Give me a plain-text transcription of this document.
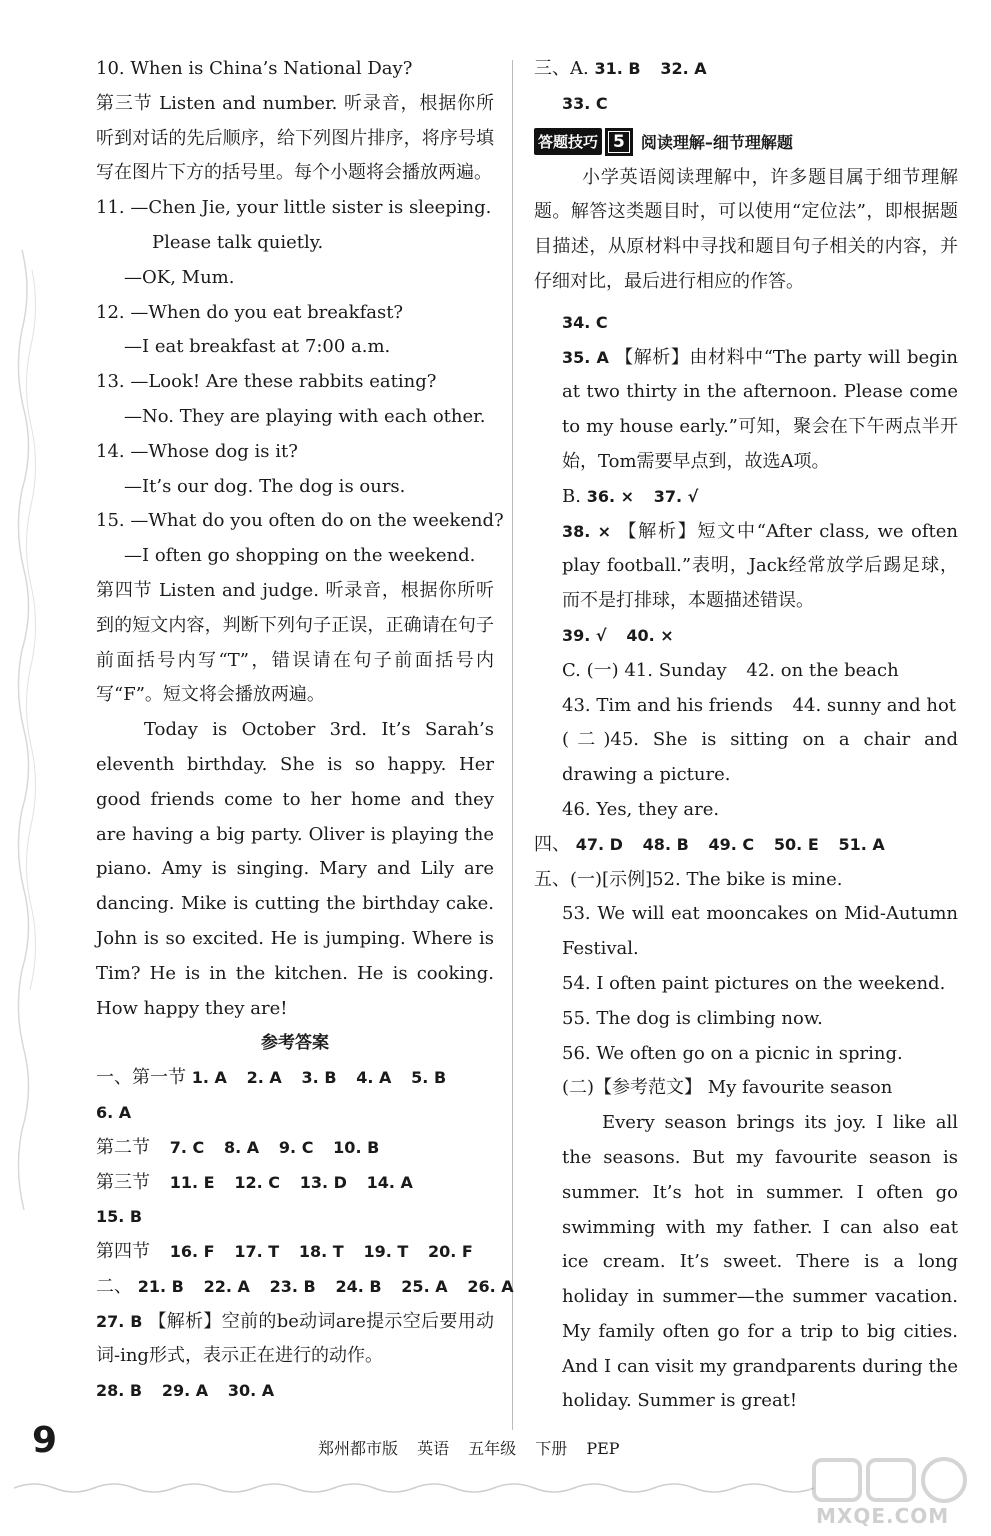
10. When is China’s National Day?
第三节 Listen and number. 听录音，根据你所听到对话的先后顺序，给下列图片排序，将序号填写在图片下方的括号里。每个小题将会播放两遍。
11. —Chen Jie, your little sister is sleeping.
Please talk quietly.
—OK, Mum.
12. —When do you eat breakfast?
—I eat breakfast at 7:00 a.m.
13. —Look! Are these rabbits eating?
—No. They are playing with each other.
14. —Whose dog is it?
—It’s our dog. The dog is ours.
15. —What do you often do on the weekend?
—I often go shopping on the weekend.
第四节 Listen and judge. 听录音，根据你所听到的短文内容，判断下列句子正误，正确请在句子前面括号内写“T”，错误请在句子前面括号内写“F”。短文将会播放两遍。
Today is October 3rd. It’s Sarah’s eleventh birthday. She is so happy. Her good friends come to her home and they are having a big party. Oliver is playing the piano. Amy is singing. Mary and Lily are dancing. Mike is cutting the birthday cake. John is so excited. He is jumping. Where is Tim? He is in the kitchen. He is cooking. How happy they are!
参考答案
一、第一节 1. A 2. A 3. B 4. A 5. B
6. A
第二节 7. C 8. A 9. C 10. B
第三节 11. E 12. C 13. D 14. A
15. B
第四节 16. F 17. T 18. T 19. T 20. F
二、 21. B 22. A 23. B 24. B 25. A 26. A
27. B 【解析】空前的be动词are提示空后要用动词-ing形式，表示正在进行的动作。
28. B 29. A 30. A
三、A. 31. B 32. A
33. C
答题技巧 5	阅读理解–细节理解题
小学英语阅读理解中，许多题目属于细节理解题。解答这类题目时，可以使用“定位法”，即根据题目描述，从原材料中寻找和题目句子相关的内容，并仔细对比，最后进行相应的作答。
34. C
35. A 【解析】由材料中“The party will begin at two thirty in the afternoon. Please come to my house early.”可知，聚会在下午两点半开始，Tom需要早点到，故选A项。
B. 36. × 37. √
38. × 【解析】短文中“After class, we often play football.”表明，Jack经常放学后踢足球，而不是打排球，本题描述错误。
39. √ 40. ×
C. (一) 41. Sunday 42. on the beach
43. Tim and his friends 44. sunny and hot
(二)45. She is sitting on a chair and drawing a picture.
46. Yes, they are.
四、 47. D 48. B 49. C 50. E 51. A
五、(一)[示例]52. The bike is mine.
53. We will eat mooncakes on Mid-Autumn Festival.
54. I often paint pictures on the weekend.
55. The dog is climbing now.
56. We often go on a picnic in spring.
(二)【参考范文】 My favourite season
Every season brings its joy. I like all the seasons. But my favourite season is summer. It’s hot in summer. I often go swimming with my father. I can also eat ice cream. It’s sweet. There is a long holiday in summer—the summer vacation. My family often go for a trip to big cities. And I can visit my grandparents during the holiday. Summer is great!
9	郑州都市版 英语 五年级 下册 PEP
MXQE.COM
